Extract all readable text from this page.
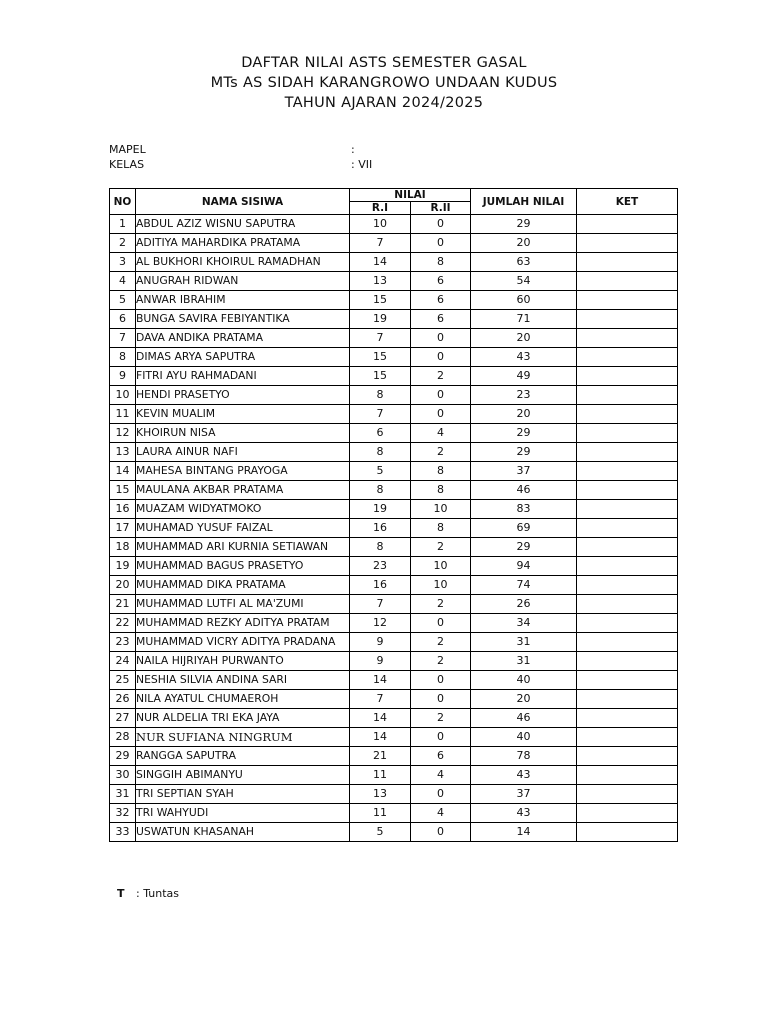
DAFTAR NILAI ASTS SEMESTER GASAL
MTs AS SIDAH KARANGROWO UNDAAN KUDUS
TAHUN AJARAN 2024/2025
MAPEL	:
KELAS	: VII
NO	NAMA SISIWA	NILAI		JUMLAH NILAI	KET
		R.I	R.II		
1	ABDUL AZIZ WISNU SAPUTRA	10	0	29	
2	ADITIYA MAHARDIKA PRATAMA	7	0	20	
3	AL BUKHORI KHOIRUL RAMADHAN	14	8	63	
4	ANUGRAH RIDWAN	13	6	54	
5	ANWAR IBRAHIM	15	6	60	
6	BUNGA SAVIRA FEBIYANTIKA	19	6	71	
7	DAVA ANDIKA PRATAMA	7	0	20	
8	DIMAS ARYA SAPUTRA	15	0	43	
9	FITRI AYU RAHMADANI	15	2	49	
10	HENDI PRASETYO	8	0	23	
11	KEVIN MUALIM	7	0	20	
12	KHOIRUN NISA	6	4	29	
13	LAURA AINUR NAFI	8	2	29	
14	MAHESA BINTANG PRAYOGA	5	8	37	
15	MAULANA AKBAR PRATAMA	8	8	46	
16	MUAZAM WIDYATMOKO	19	10	83	
17	MUHAMAD YUSUF FAIZAL	16	8	69	
18	MUHAMMAD ARI KURNIA SETIAWAN	8	2	29	
19	MUHAMMAD BAGUS PRASETYO	23	10	94	
20	MUHAMMAD DIKA PRATAMA	16	10	74	
21	MUHAMMAD LUTFI AL MA'ZUMI	7	2	26	
22	MUHAMMAD REZKY ADITYA PRATAM	12	0	34	
23	MUHAMMAD VICRY ADITYA PRADANA	9	2	31	
24	NAILA HIJRIYAH PURWANTO	9	2	31	
25	NESHIA SILVIA ANDINA SARI	14	0	40	
26	NILA AYATUL CHUMAEROH	7	0	20	
27	NUR ALDELIA TRI EKA JAYA	14	2	46	
28	NUR SUFIANA NINGRUM	14	0	40	
29	RANGGA SAPUTRA	21	6	78	
30	SINGGIH ABIMANYU	11	4	43	
31	TRI SEPTIAN SYAH	13	0	37	
32	TRI WAHYUDI	11	4	43	
33	USWATUN KHASANAH	5	0	14	
T : Tuntas
